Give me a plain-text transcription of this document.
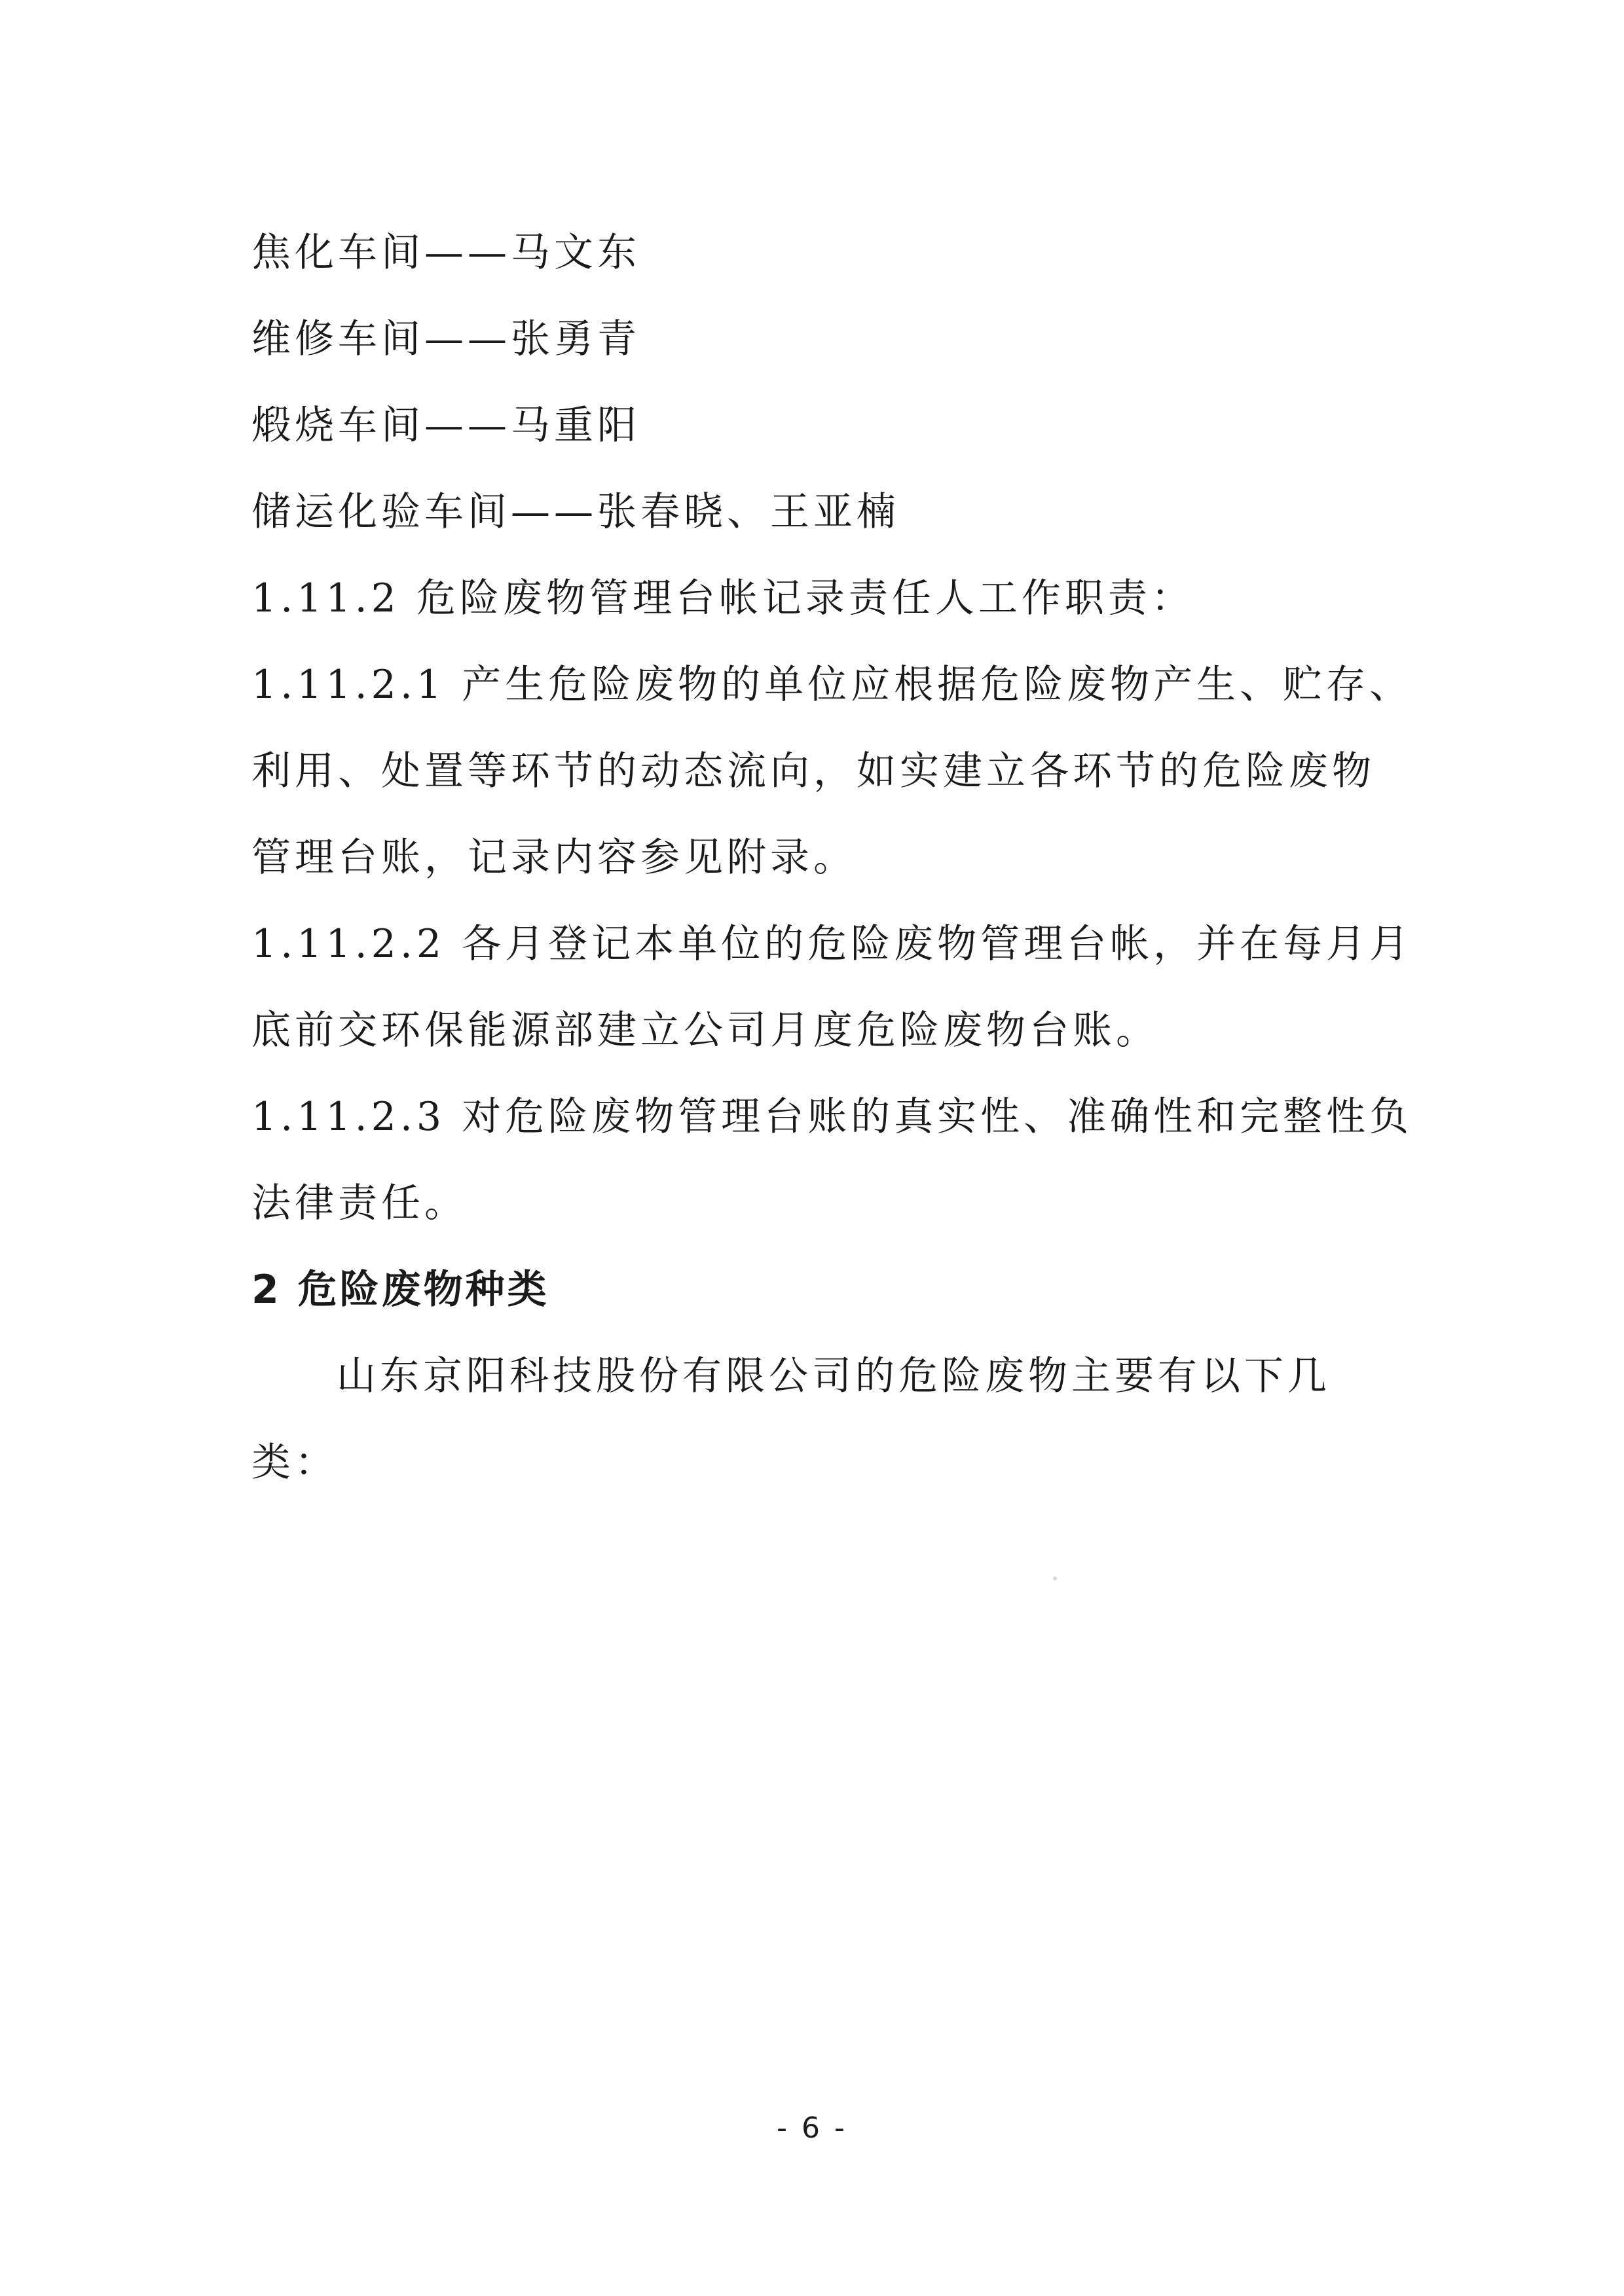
焦化车间——马文东
维修车间——张勇青
煅烧车间——马重阳
储运化验车间——张春晓、王亚楠
1.11.2 危险废物管理台帐记录责任人工作职责：
1.11.2.1 产生危险废物的单位应根据危险废物产生、贮存、
利用、处置等环节的动态流向，如实建立各环节的危险废物
管理台账，记录内容参见附录。
1.11.2.2 各月登记本单位的危险废物管理台帐，并在每月月
底前交环保能源部建立公司月度危险废物台账。
1.11.2.3 对危险废物管理台账的真实性、准确性和完整性负
法律责任。
2 危险废物种类
山东京阳科技股份有限公司的危险废物主要有以下几
类：
- 6 -
